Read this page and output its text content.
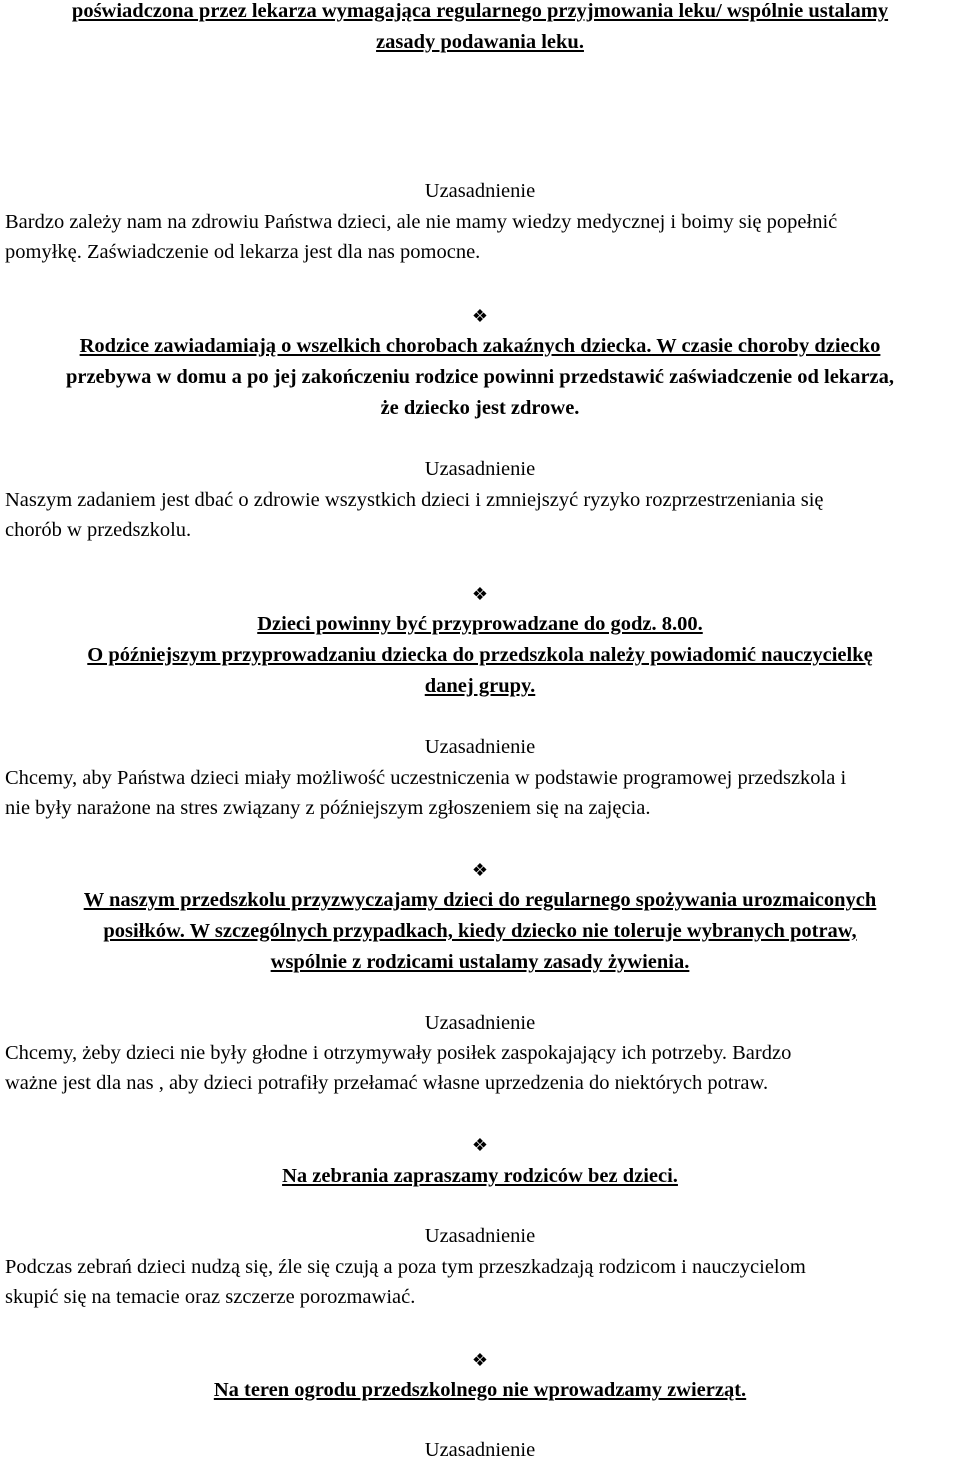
poświadczona przez lekarza wymagająca regularnego przyjmowania leku/ wspólnie ustalamy
zasady podawania leku.
Uzasadnienie
Bardzo zależy nam na zdrowiu Państwa dzieci, ale nie mamy wiedzy medycznej i boimy się popełnić
pomyłkę. Zaświadczenie od lekarza jest dla nas pomocne.
❖
Rodzice zawiadamiają o wszelkich chorobach zakaźnych dziecka. W czasie choroby dziecko
przebywa w domu a po jej zakończeniu rodzice powinni przedstawić zaświadczenie od lekarza,
że dziecko jest zdrowe.
Uzasadnienie
Naszym zadaniem jest dbać o zdrowie wszystkich dzieci i zmniejszyć ryzyko rozprzestrzeniania się
chorób w przedszkolu.
❖
Dzieci powinny być przyprowadzane do godz. 8.00.
O późniejszym przyprowadzaniu dziecka do przedszkola należy powiadomić nauczycielkę
danej grupy.
Uzasadnienie
Chcemy, aby Państwa dzieci miały możliwość uczestniczenia w podstawie programowej przedszkola i
nie były narażone na stres związany z późniejszym zgłoszeniem się na zajęcia.
❖
W naszym przedszkolu przyzwyczajamy dzieci do regularnego spożywania urozmaiconych
posiłków. W szczególnych przypadkach, kiedy dziecko nie toleruje wybranych potraw,
wspólnie z rodzicami ustalamy zasady żywienia.
Uzasadnienie
Chcemy, żeby dzieci nie były głodne i otrzymywały posiłek zaspokajający ich potrzeby. Bardzo
ważne jest dla nas , aby dzieci potrafiły przełamać własne uprzedzenia do niektórych potraw.
❖
Na zebrania zapraszamy rodziców bez dzieci.
Uzasadnienie
Podczas zebrań dzieci nudzą się, źle się czują a poza tym przeszkadzają rodzicom i nauczycielom
skupić się na temacie oraz szczerze porozmawiać.
❖
Na teren ogrodu przedszkolnego nie wprowadzamy zwierząt.
Uzasadnienie
